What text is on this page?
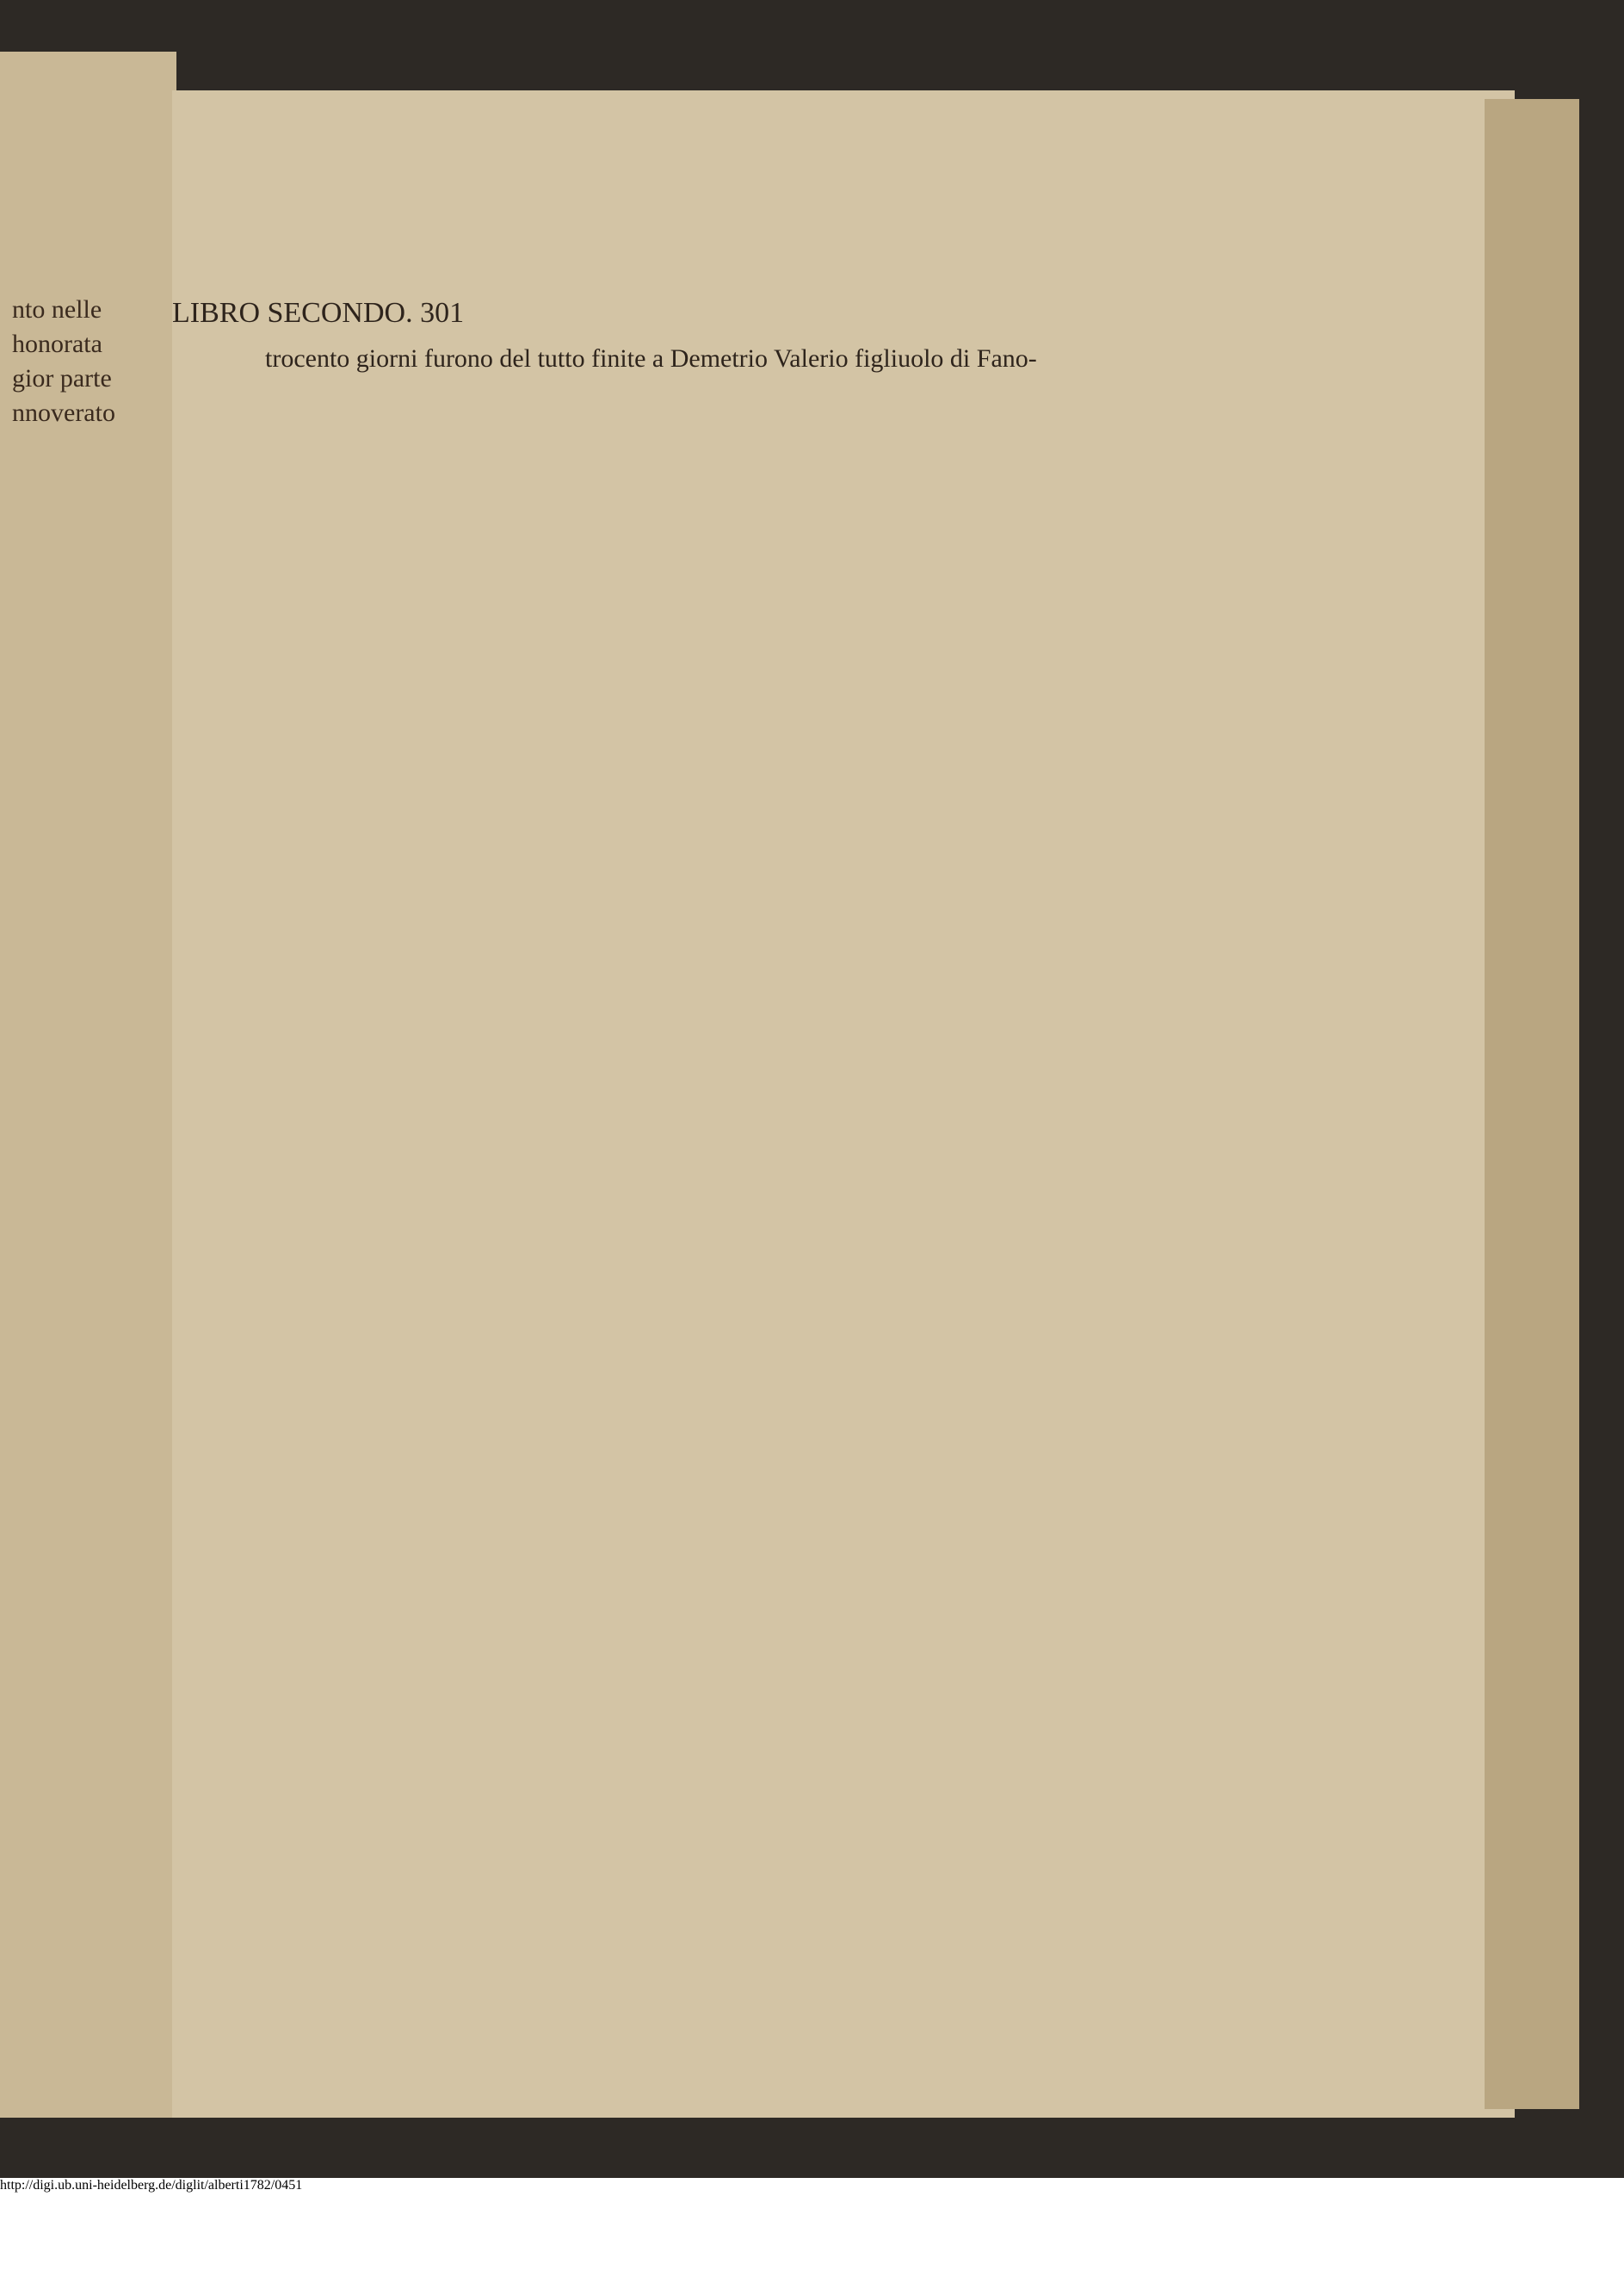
nto nelle
honorata
gior parte
nnoverato
LIBRO SECONDO. 301
trocento giorni furono del tutto finite a Demetrio Valerio figliuolo di Fano-
http://digi.ub.uni-heidelberg.de/diglit/alberti1782/0451
